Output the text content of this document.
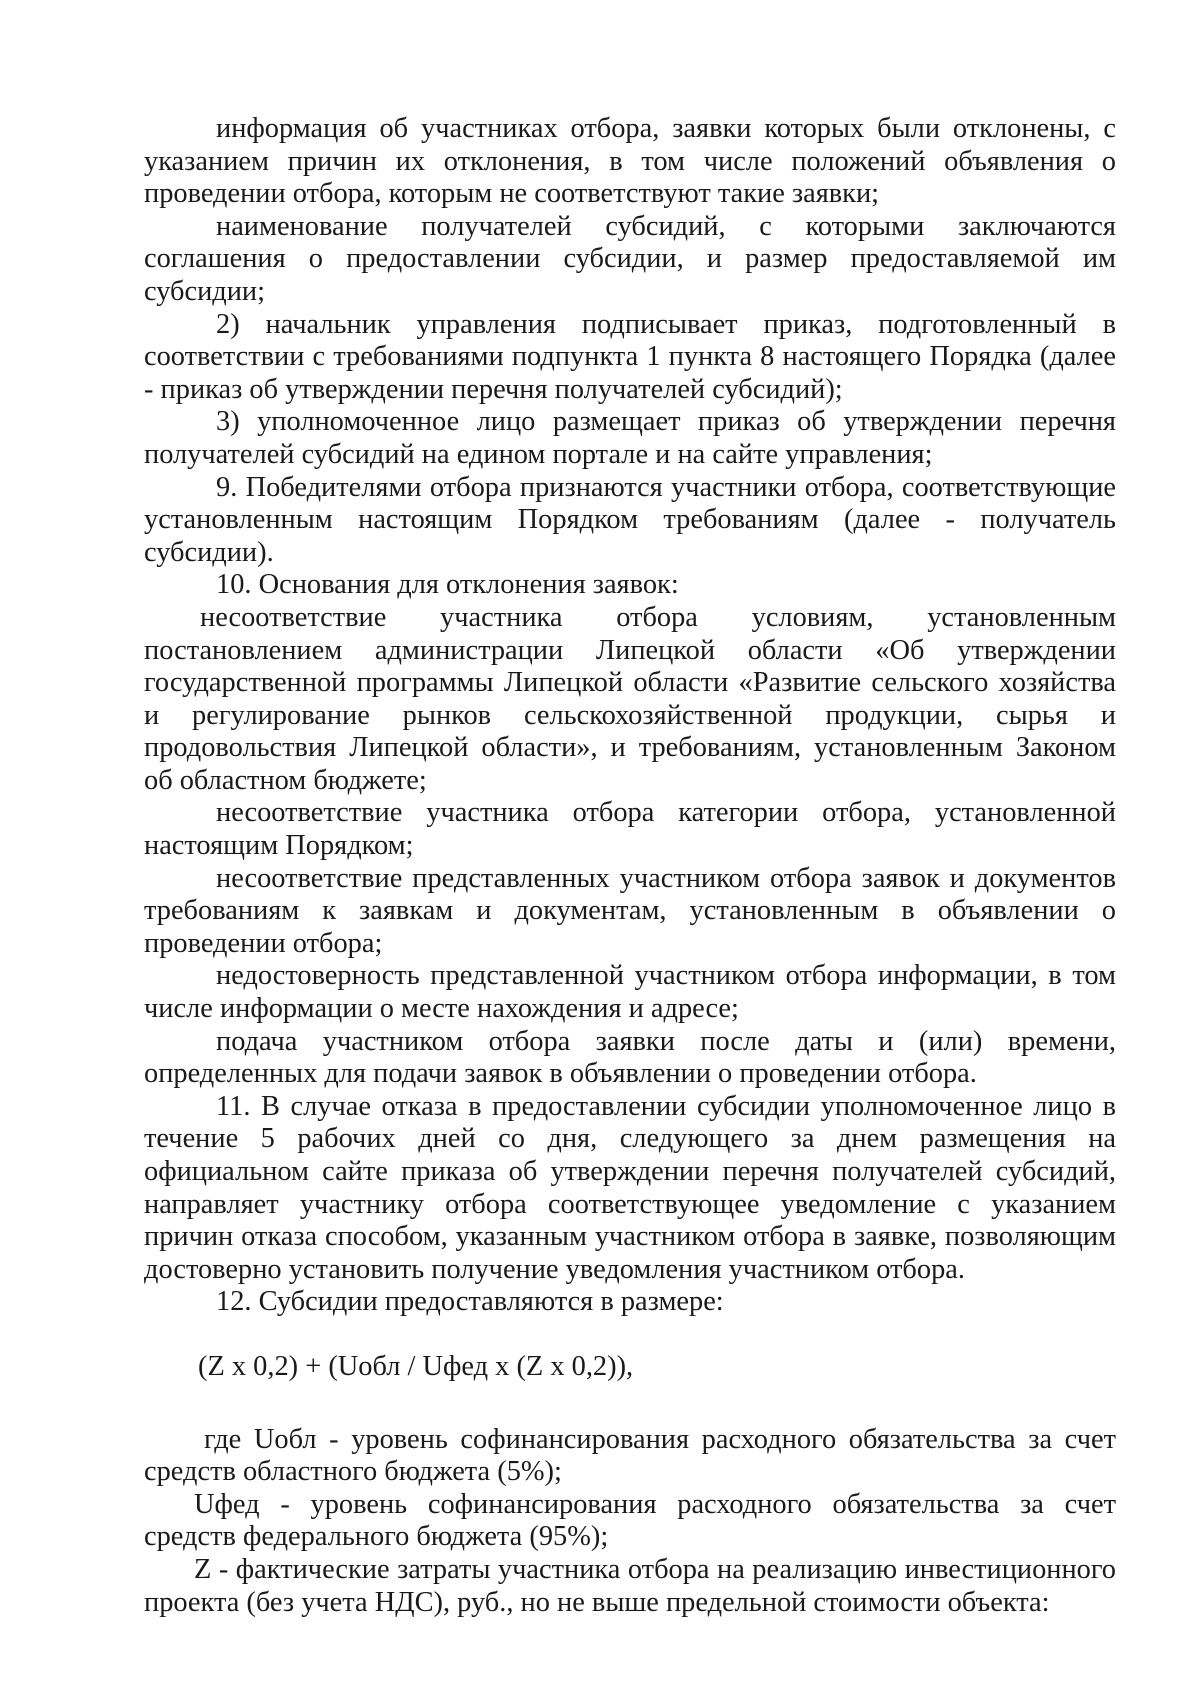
информация об участниках отбора, заявки которых были отклонены, с указанием причин их отклонения, в том числе положений объявления о проведении отбора, которым не соответствуют такие заявки;

наименование получателей субсидий, с которыми заключаются соглашения о предоставлении субсидии, и размер предоставляемой им субсидии;

2) начальник управления подписывает приказ, подготовленный в соответствии с требованиями подпункта 1 пункта 8 настоящего Порядка (далее - приказ об утверждении перечня получателей субсидий);

3) уполномоченное лицо размещает приказ об утверждении перечня получателей субсидий на едином портале и на сайте управления;

9. Победителями отбора признаются участники отбора, соответствующие установленным настоящим Порядком требованиям (далее - получатель субсидии).

10. Основания для отклонения заявок:

несоответствие участника отбора условиям, установленным постановлением администрации Липецкой области «Об утверждении государственной программы Липецкой области «Развитие сельского хозяйства и регулирование рынков сельскохозяйственной продукции, сырья и продовольствия Липецкой области», и требованиям, установленным Законом об областном бюджете;

несоответствие участника отбора категории отбора, установленной настоящим Порядком;

несоответствие представленных участником отбора заявок и документов требованиям к заявкам и документам, установленным в объявлении о проведении отбора;

недостоверность представленной участником отбора информации, в том числе информации о месте нахождения и адресе;

подача участником отбора заявки после даты и (или) времени, определенных для подачи заявок в объявлении о проведении отбора.

11. В случае отказа в предоставлении субсидии уполномоченное лицо в течение 5 рабочих дней со дня, следующего за днем размещения на официальном сайте приказа об утверждении перечня получателей субсидий, направляет участнику отбора соответствующее уведомление с указанием причин отказа способом, указанным участником отбора в заявке, позволяющим достоверно установить получение уведомления участником отбора.

12. Субсидии предоставляются в размере:

(Z x 0,2) + (Uобл / Uфед x (Z x 0,2)),

где Uобл - уровень софинансирования расходного обязательства за счет средств областного бюджета (5%);

Uфед - уровень софинансирования расходного обязательства за счет средств федерального бюджета (95%);

Z - фактические затраты участника отбора на реализацию инвестиционного проекта (без учета НДС), руб., но не выше предельной стоимости объекта:
